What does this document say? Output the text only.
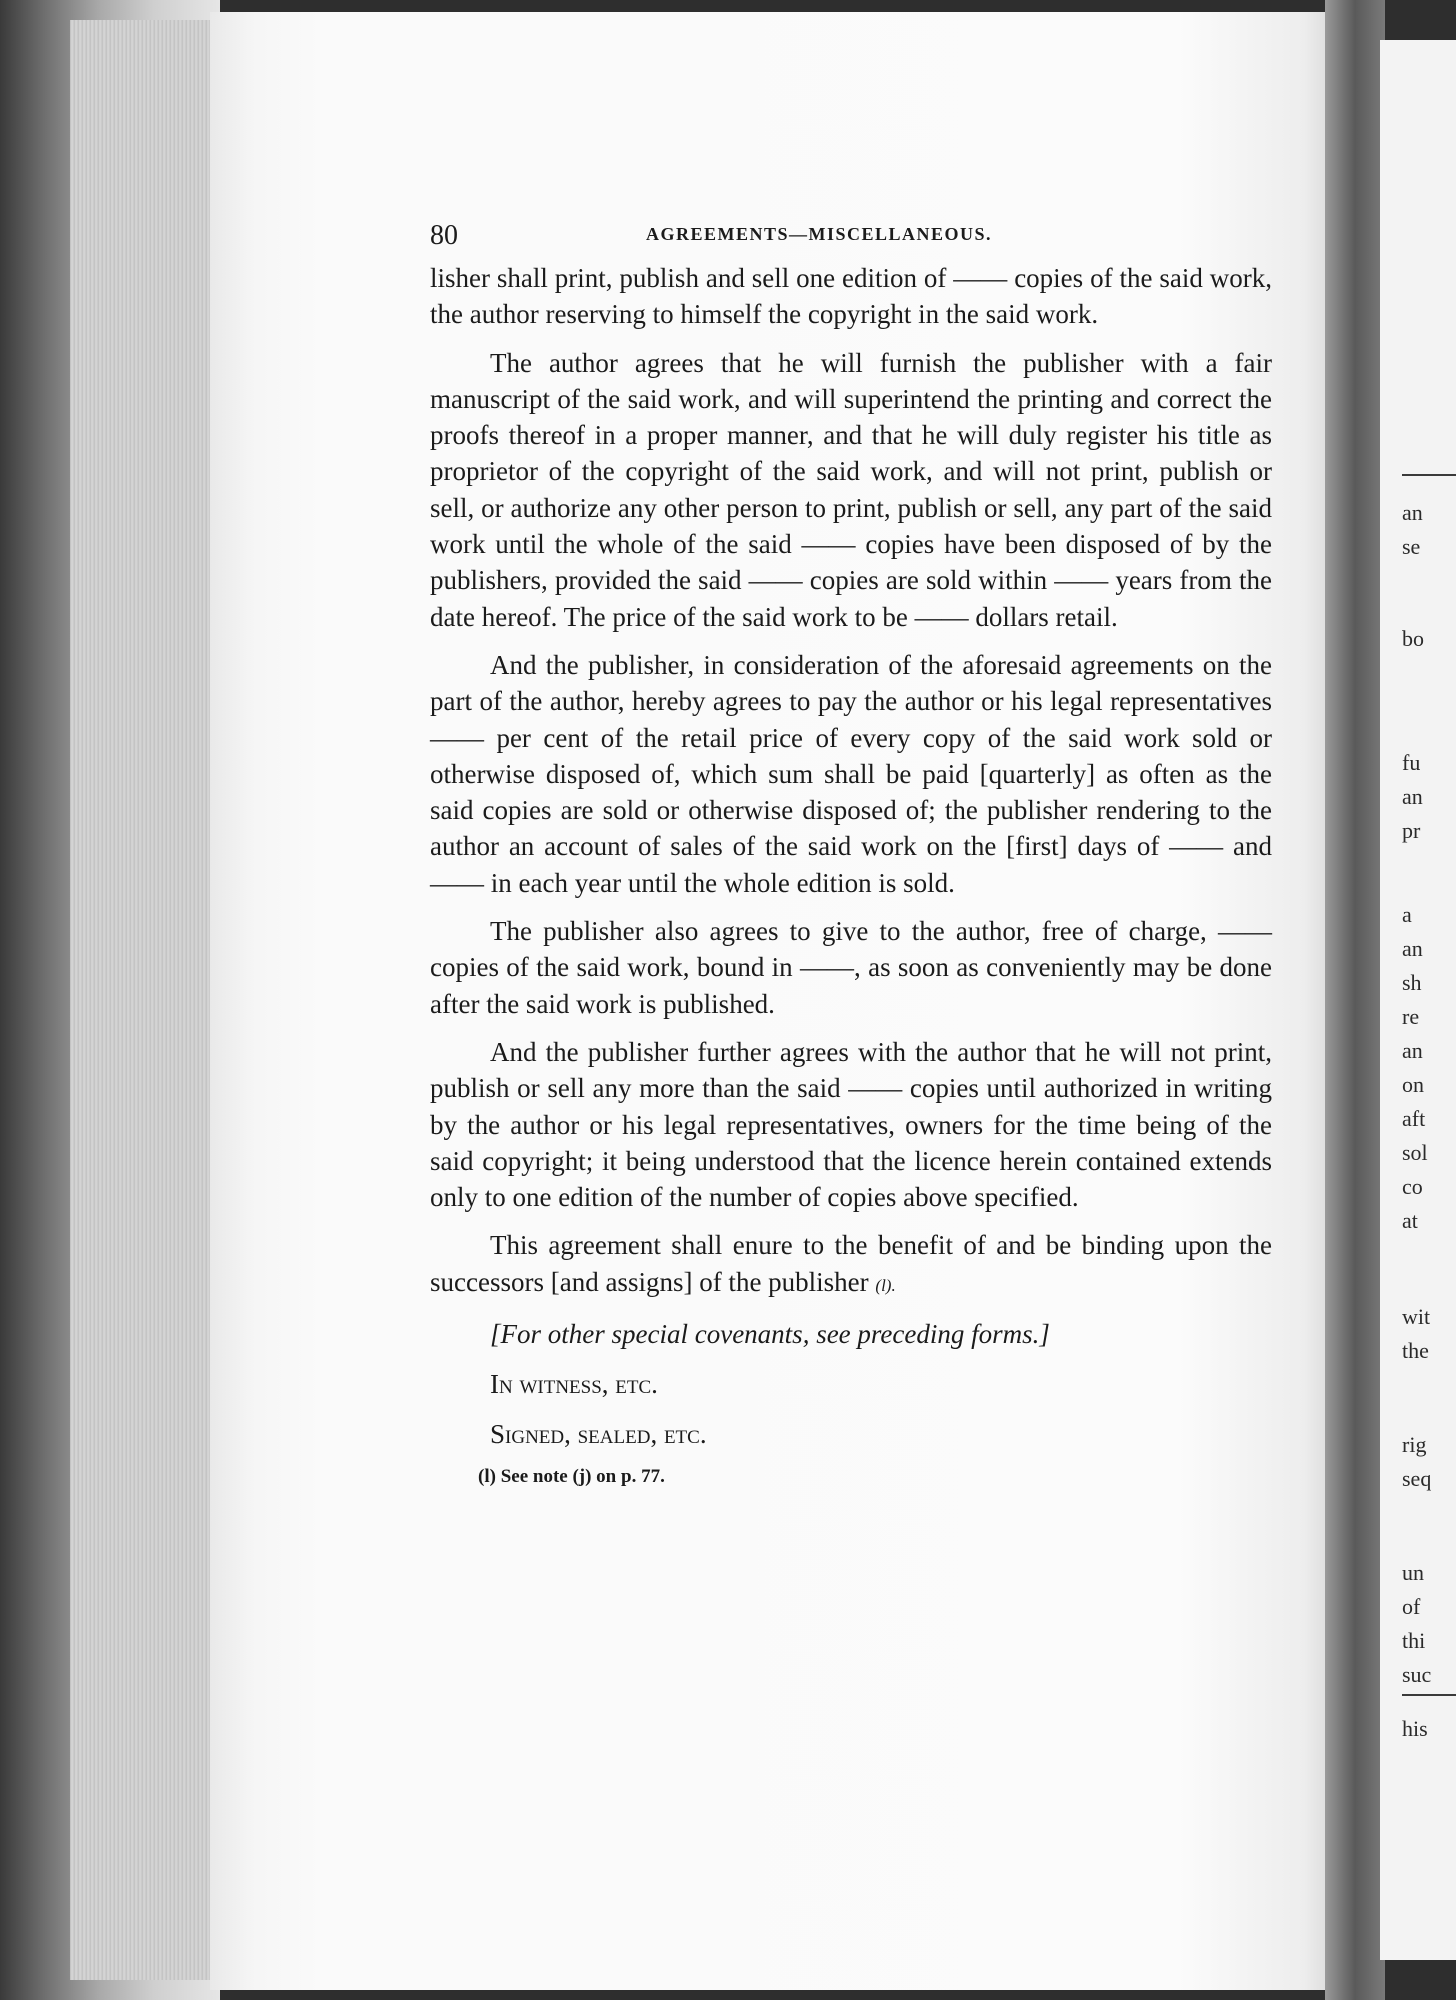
an
se
bo
fu
an
pr
a
an
sh
re
an
on
aft
sol
co
at
wit
the
rig
seq
un
of
thi
suc
his
80	AGREEMENTS—MISCELLANEOUS.

lisher shall print, publish and sell one edition of —— copies of the said work, the author reserving to himself the copyright in the said work.

The author agrees that he will furnish the publisher with a fair manuscript of the said work, and will superintend the printing and correct the proofs thereof in a proper manner, and that he will duly register his title as proprietor of the copyright of the said work, and will not print, publish or sell, or authorize any other person to print, publish or sell, any part of the said work until the whole of the said —— copies have been disposed of by the publishers, provided the said —— copies are sold within —— years from the date hereof. The price of the said work to be —— dollars retail.

And the publisher, in consideration of the aforesaid agreements on the part of the author, hereby agrees to pay the author or his legal representatives —— per cent of the retail price of every copy of the said work sold or otherwise disposed of, which sum shall be paid [quarterly] as often as the said copies are sold or otherwise disposed of; the publisher rendering to the author an account of sales of the said work on the [first] days of —— and —— in each year until the whole edition is sold.

The publisher also agrees to give to the author, free of charge, —— copies of the said work, bound in ——, as soon as conveniently may be done after the said work is published.

And the publisher further agrees with the author that he will not print, publish or sell any more than the said —— copies until authorized in writing by the author or his legal representatives, owners for the time being of the said copyright; it being understood that the licence herein contained extends only to one edition of the number of copies above specified.

This agreement shall enure to the benefit of and be binding upon the successors [and assigns] of the publisher (l).

[For other special covenants, see preceding forms.]
In witness, etc.
Signed, sealed, etc.
(l) See note (j) on p. 77.
